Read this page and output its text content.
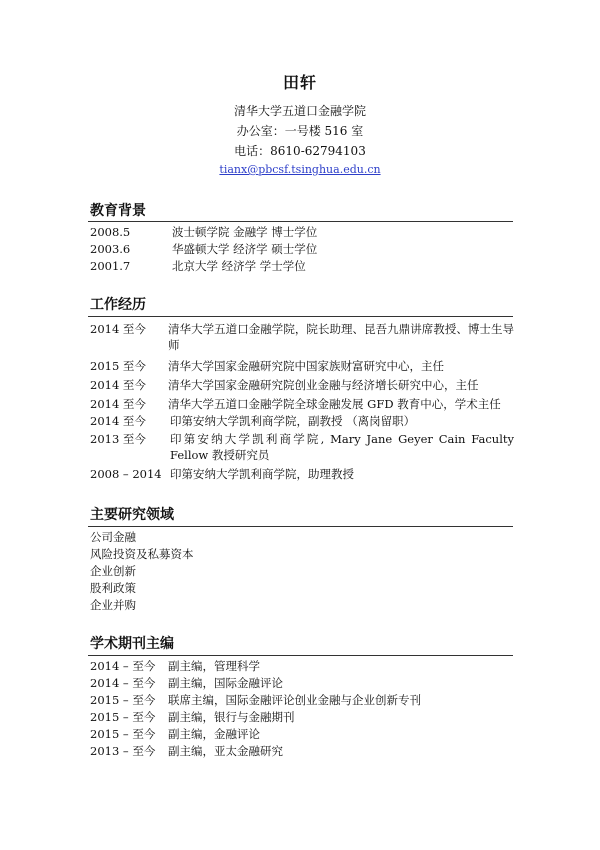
田轩
清华大学五道口金融学院
办公室：一号楼 516 室
电话：8610-62794103
tianx@pbcsf.tsinghua.edu.cn
教育背景
2008.5	波士顿学院 金融学 博士学位
2003.6	华盛顿大学 经济学 硕士学位
2001.7	北京大学 经济学 学士学位
工作经历
2014 至今 清华大学五道口金融学院，院长助理、昆吾九鼎讲席教授、博士生导师
2015 至今 清华大学国家金融研究院中国家族财富研究中心，主任
2014 至今 清华大学国家金融研究院创业金融与经济增长研究中心，主任
2014 至今 清华大学五道口金融学院全球金融发展 GFD 教育中心，学术主任
2014 至今 印第安纳大学凯利商学院，副教授 （离岗留职）
2013 至今 印第安纳大学凯利商学院, Mary Jane Geyer Cain Faculty Fellow 教授研究员
2008 – 2014 印第安纳大学凯利商学院，助理教授
主要研究领域
公司金融
风险投资及私募资本
企业创新
股利政策
企业并购
学术期刊主编
2014 – 至今 副主编，管理科学
2014 – 至今 副主编，国际金融评论
2015 – 至今 联席主编，国际金融评论创业金融与企业创新专刊
2015 – 至今 副主编，银行与金融期刊
2015 – 至今 副主编，金融评论
2013 – 至今 副主编，亚太金融研究
